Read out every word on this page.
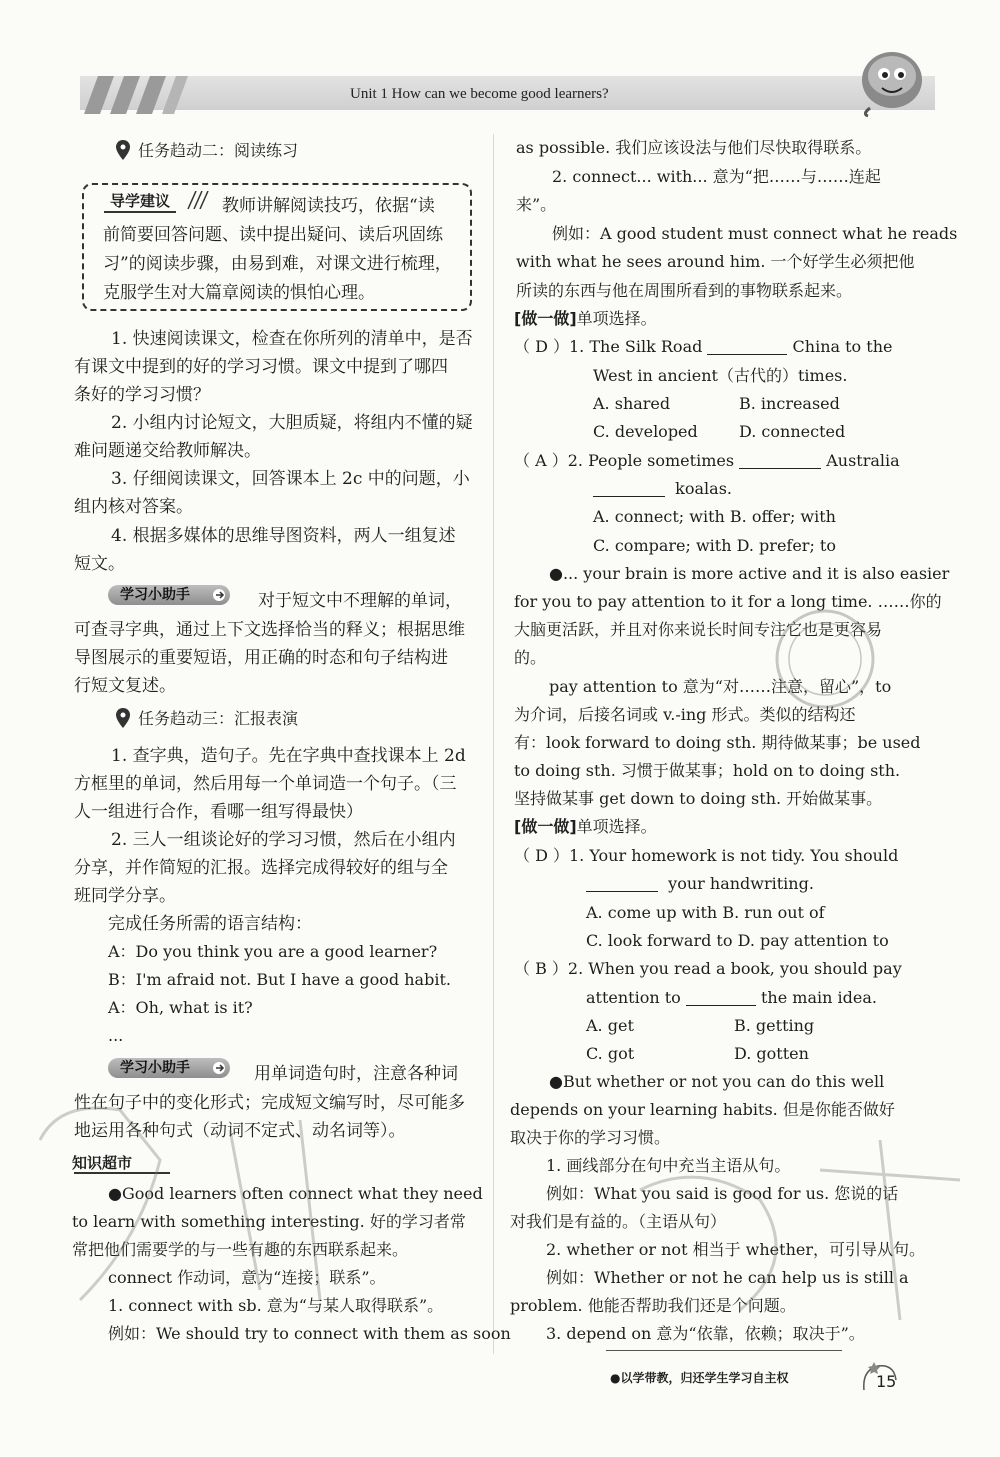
Unit 1 How can we become good learners?
任务趋动二：阅读练习
导学建议	教师讲解阅读技巧，依据“读
前简要回答问题、读中提出疑问、读后巩固练
习”的阅读步骤，由易到难，对课文进行梳理，
克服学生对大篇章阅读的惧怕心理。
1. 快速阅读课文，检查在你所列的清单中，是否
有课文中提到的好的学习习惯。课文中提到了哪四
条好的学习习惯？
2. 小组内讨论短文，大胆质疑，将组内不懂的疑
难问题递交给教师解决。
3. 仔细阅读课文，回答课本上 2c 中的问题，小
组内核对答案。
4. 根据多媒体的思维导图资料，两人一组复述
短文。
学习小助手	对于短文中不理解的单词，
可查寻字典，通过上下文选择恰当的释义；根据思维
导图展示的重要短语，用正确的时态和句子结构进
行短文复述。
任务趋动三：汇报表演
1. 查字典，造句子。先在字典中查找课本上 2d
方框里的单词，然后用每一个单词造一个句子。（三
人一组进行合作，看哪一组写得最快）
2. 三人一组谈论好的学习习惯，然后在小组内
分享，并作简短的汇报。选择完成得较好的组与全
班同学分享。
完成任务所需的语言结构：
A：Do you think you are a good learner?
B：I'm afraid not. But I have a good habit.
A：Oh, what is it?
...
学习小助手	用单词造句时，注意各种词
性在句子中的变化形式；完成短文编写时，尽可能多
地运用各种句式（动词不定式、动名词等）。
知识超市
●Good learners often connect what they need
to learn with something interesting. 好的学习者常
常把他们需要学的与一些有趣的东西联系起来。
connect 作动词，意为“连接；联系”。
1. connect with sb. 意为“与某人取得联系”。
例如：We should try to connect with them as soon
as possible. 我们应该设法与他们尽快取得联系。
2. connect... with... 意为“把……与……连起
来”。
例如：A good student must connect what he reads
with what he sees around him. 一个好学生必须把他
所读的东西与他在周围所看到的事物联系起来。
[做一做]单项选择。
（ D ）1. The Silk Road	China to the
West in ancient（古代的）times.
A. shared	B. increased
C. developed	D. connected
（ A ）2. People sometimes	Australia
koalas.
A. connect; with B. offer; with
C. compare; with D. prefer; to
●... your brain is more active and it is also easier
for you to pay attention to it for a long time. ……你的
大脑更活跃，并且对你来说长时间专注它也是更容易
的。
pay attention to 意为“对……注意，留心”，to
为介词，后接名词或 v.-ing 形式。类似的结构还
有：look forward to doing sth. 期待做某事；be used
to doing sth. 习惯于做某事；hold on to doing sth.
坚持做某事 get down to doing sth. 开始做某事。
[做一做]单项选择。
（ D ）1. Your homework is not tidy. You should
your handwriting.
A. come up with B. run out of
C. look forward to D. pay attention to
（ B ）2. When you read a book, you should pay
attention to	the main idea.
A. get	B. getting
C. got	D. gotten
●But whether or not you can do this well
depends on your learning habits. 但是你能否做好
取决于你的学习习惯。
1. 画线部分在句中充当主语从句。
例如：What you said is good for us. 您说的话
对我们是有益的。（主语从句）
2. whether or not 相当于 whether，可引导从句。
例如：Whether or not he can help us is still a
problem. 他能否帮助我们还是个问题。
3. depend on 意为“依靠，依赖；取决于”。
●以学带教，归还学生学习自主权	15
